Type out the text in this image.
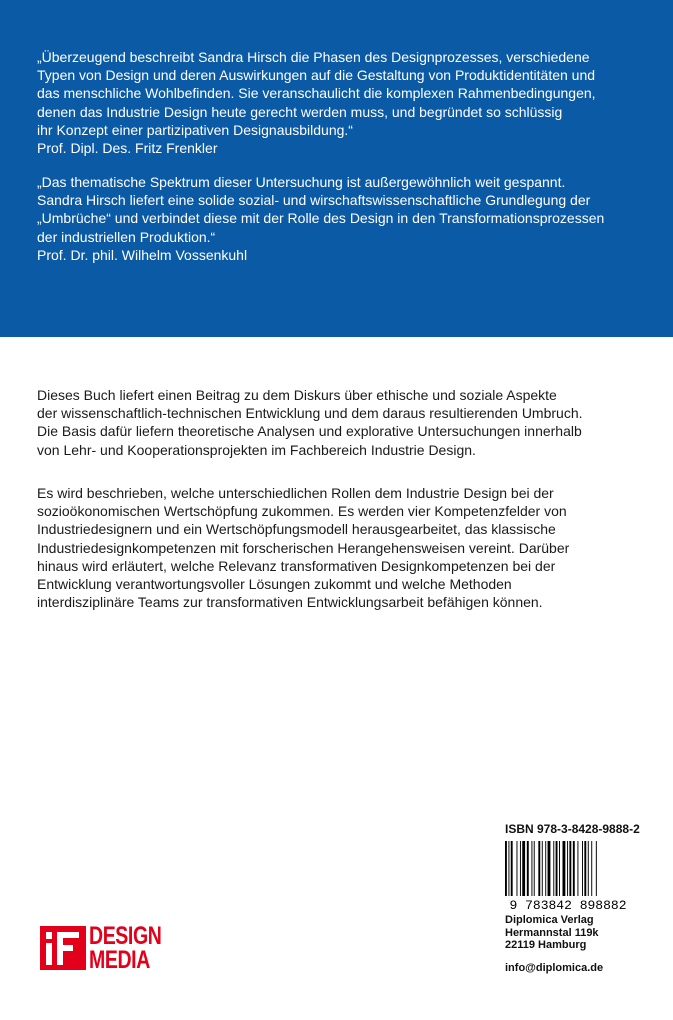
„Überzeugend beschreibt Sandra Hirsch die Phasen des Designprozesses, verschiedene
Typen von Design und deren Auswirkungen auf die Gestaltung von Produktidentitäten und
das menschliche Wohlbefinden. Sie veranschaulicht die komplexen Rahmenbedingungen,
denen das Industrie Design heute gerecht werden muss, und begründet so schlüssig
ihr Konzept einer partizipativen Designausbildung.“
Prof. Dipl. Des. Fritz Frenkler

„Das thematische Spektrum dieser Untersuchung ist außergewöhnlich weit gespannt.
Sandra Hirsch liefert eine solide sozial- und wirschaftswissenschaftliche Grundlegung der
„Umbrüche“ und verbindet diese mit der Rolle des Design in den Transformationsprozessen
der industriellen Produktion.“
Prof. Dr. phil. Wilhelm Vossenkuhl

Dieses Buch liefert einen Beitrag zu dem Diskurs über ethische und soziale Aspekte
der wissenschaftlich-technischen Entwicklung und dem daraus resultierenden Umbruch.
Die Basis dafür liefern theoretische Analysen und explorative Untersuchungen innerhalb
von Lehr- und Kooperationsprojekten im Fachbereich Industrie Design.

Es wird beschrieben, welche unterschiedlichen Rollen dem Industrie Design bei der
sozioökonomischen Wertschöpfung zukommen. Es werden vier Kompetenzfelder von
Industriedesignern und ein Wertschöpfungsmodell herausgearbeitet, das klassische
Industriedesignkompetenzen mit forscherischen Herangehensweisen vereint. Darüber
hinaus wird erläutert, welche Relevanz transformativen Designkompetenzen bei der
Entwicklung verantwortungsvoller Lösungen zukommt und welche Methoden
interdisziplinäre Teams zur transformativen Entwicklungsarbeit befähigen können.

ISBN 978-3-8428-9888-2
9 783842 898882
Diplomica Verlag
Hermannstal 119k
22119 Hamburg
info@diplomica.de
DESIGN
MEDIA
